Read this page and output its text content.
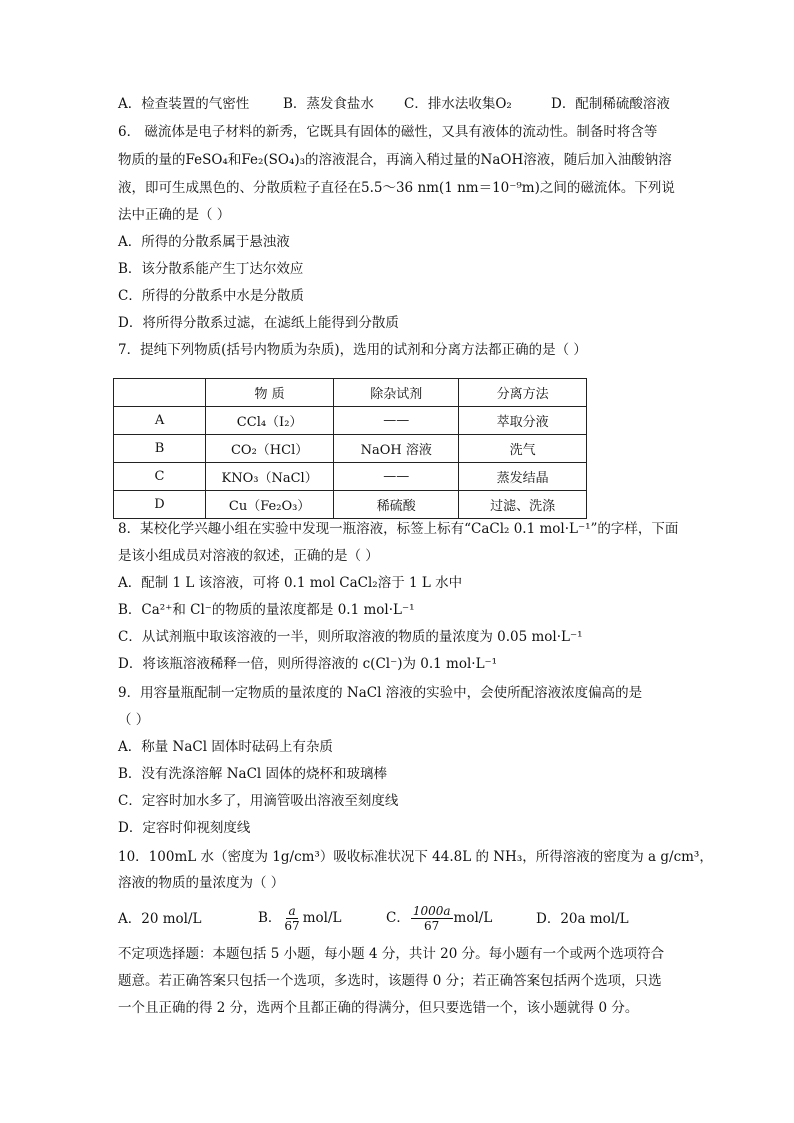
A．检查装置的气密性	B．蒸发食盐水 C．排水法收集O₂	D．配制稀硫酸溶液
6． 磁流体是电子材料的新秀，它既具有固体的磁性，又具有液体的流动性。制备时将含等
物质的量的FeSO₄和Fe₂(SO₄)₃的溶液混合，再滴入稍过量的NaOH溶液，随后加入油酸钠溶
液，即可生成黑色的、分散质粒子直径在5.5～36 nm(1 nm＝10⁻⁹m)之间的磁流体。下列说
法中正确的是（ ）
A．所得的分散系属于悬浊液
B．该分散系能产生丁达尔效应
C．所得的分散系中水是分散质
D．将所得分散系过滤，在滤纸上能得到分散质
7．提纯下列物质(括号内物质为杂质)，选用的试剂和分离方法都正确的是（ ）
	物 质	除杂试剂	分离方法
A	CCl₄（I₂）	——	萃取分液
B	CO₂（HCl）	NaOH 溶液	洗气
C	KNO₃（NaCl）	——	蒸发结晶
D	Cu（Fe₂O₃）	稀硫酸	过滤、洗涤
8．某校化学兴趣小组在实验中发现一瓶溶液，标签上标有“CaCl₂ 0.1 mol·L⁻¹”的字样，下面
是该小组成员对溶液的叙述，正确的是（ ）
A．配制 1 L 该溶液，可将 0.1 mol CaCl₂溶于 1 L 水中
B．Ca²⁺和 Cl⁻的物质的量浓度都是 0.1 mol·L⁻¹
C．从试剂瓶中取该溶液的一半，则所取溶液的物质的量浓度为 0.05 mol·L⁻¹
D．将该瓶溶液稀释一倍，则所得溶液的 c(Cl⁻)为 0.1 mol·L⁻¹
9．用容量瓶配制一定物质的量浓度的 NaCl 溶液的实验中，会使所配溶液浓度偏高的是
（ ）
A．称量 NaCl 固体时砝码上有杂质
B．没有洗涤溶解 NaCl 固体的烧杯和玻璃棒
C．定容时加水多了，用滴管吸出溶液至刻度线
D．定容时仰视刻度线
10．100mL 水（密度为 1g/cm³）吸收标准状况下 44.8L 的 NH₃，所得溶液的密度为 a g/cm³，
溶液的物质的量浓度为（ ）
A．20 mol/L	B． $\frac{a}{67} mol/L$	C． $\frac{1000a}{67} mol/L$	D．20a mol/L
不定项选择题：本题包括 5 小题，每小题 4 分，共计 20 分。每小题有一个或两个选项符合
题意。若正确答案只包括一个选项，多选时，该题得 0 分；若正确答案包括两个选项，只选
一个且正确的得 2 分，选两个且都正确的得满分，但只要选错一个，该小题就得 0 分。
